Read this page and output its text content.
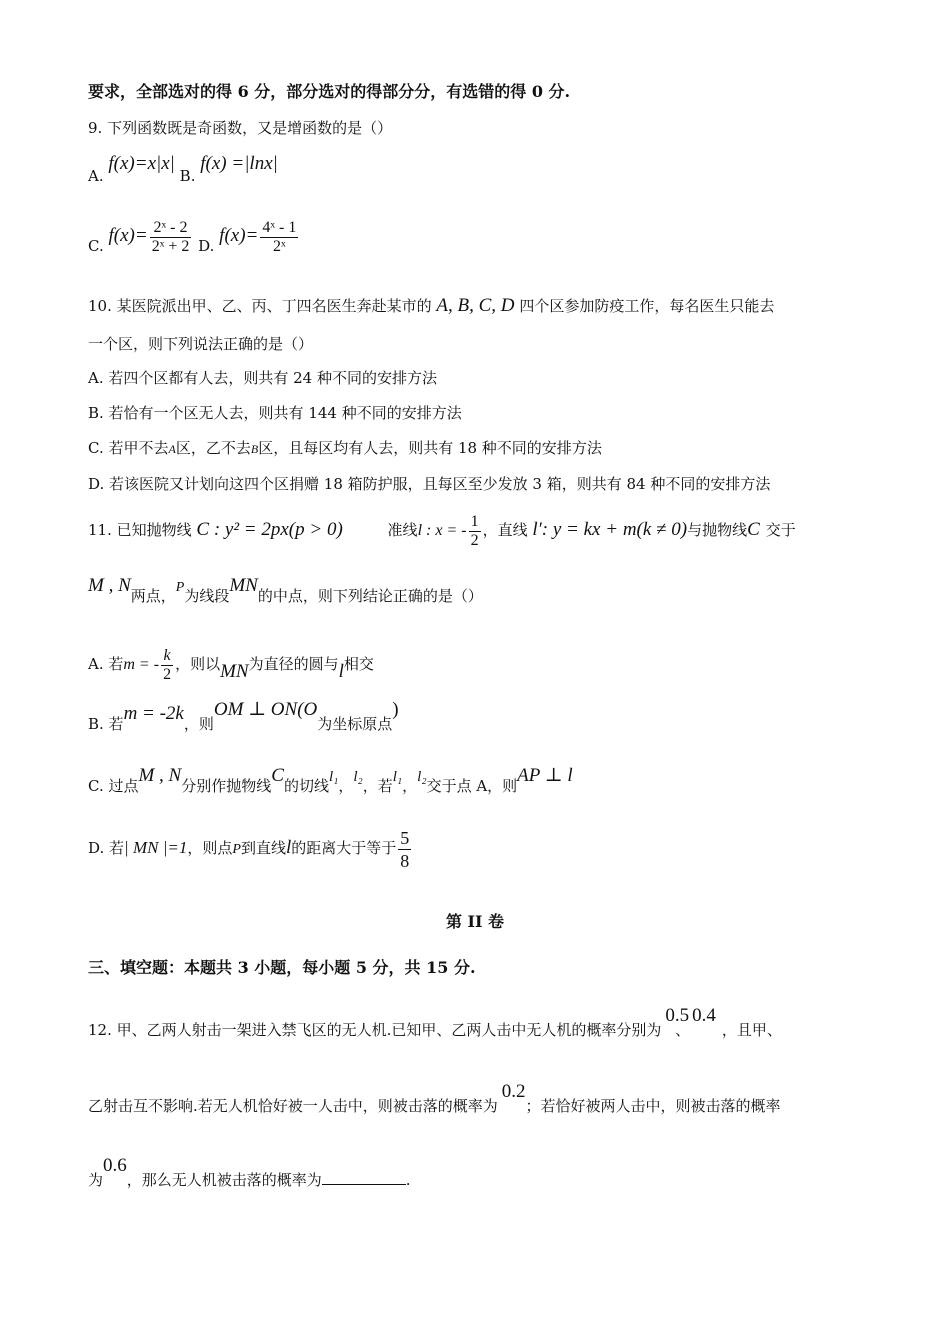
要求，全部选对的得 6 分，部分选对的得部分分，有选错的得 0 分.
9. 下列函数既是奇函数，又是增函数的是（）
A. f(x)=x|x| B. f(x) =|lnx|
C. $f(x)= \frac{\text{2ˣ - 2}}{\text{2ˣ + 2}} D$. $f(x)= \frac{\text{4ˣ - 1}}{\text{2ˣ}}$
10. 某医院派出甲、乙、丙、丁四名医生奔赴某市的 A, B, C, D 四个区参加防疫工作，每名医生只能去
一个区，则下列说法正确的是（）
A. 若四个区都有人去，则共有 24 种不同的安排方法
B. 若恰有一个区无人去，则共有 144 种不同的安排方法
C. 若甲不去A区，乙不去B区，且每区均有人去，则共有 18 种不同的安排方法
D. 若该医院又计划向这四个区捐赠 18 箱防护服，且每区至少发放 3 箱，则共有 84 种不同的安排方法
11. 已知抛物线 C : y² = 2px(p > 0)	准线l : x = - $\frac{1}{2}$ ，直线 l′: y = kx + m(k ≠ 0)与抛物线C 交于
M , N两点，P为线段MN的中点，则下列结论正确的是（）
A. 若m = - $\frac{k}{2}$ ，则以MN为直径的圆与l相交
B. 若m = -2k，则OM ⊥ ON(O为坐标原点)
C. 过点M , N分别作抛物线C的切线l₁，l₂，若l₁，l₂交于点 A，则AP ⊥ l
D. 若| MN |=1，则点P到直线l的距离大于等于 $\frac{5}{8}$
第 II 卷
三、填空题：本题共 3 小题，每小题 5 分，共 15 分.
12. 甲、乙两人射击一架进入禁飞区的无人机.已知甲、乙两人击中无人机的概率分别为0.5、0.4，且甲、
乙射击互不影响.若无人机恰好被一人击中，则被击落的概率为0.2；若恰好被两人击中，则被击落的概率
为0.6，那么无人机被击落的概率为	.
